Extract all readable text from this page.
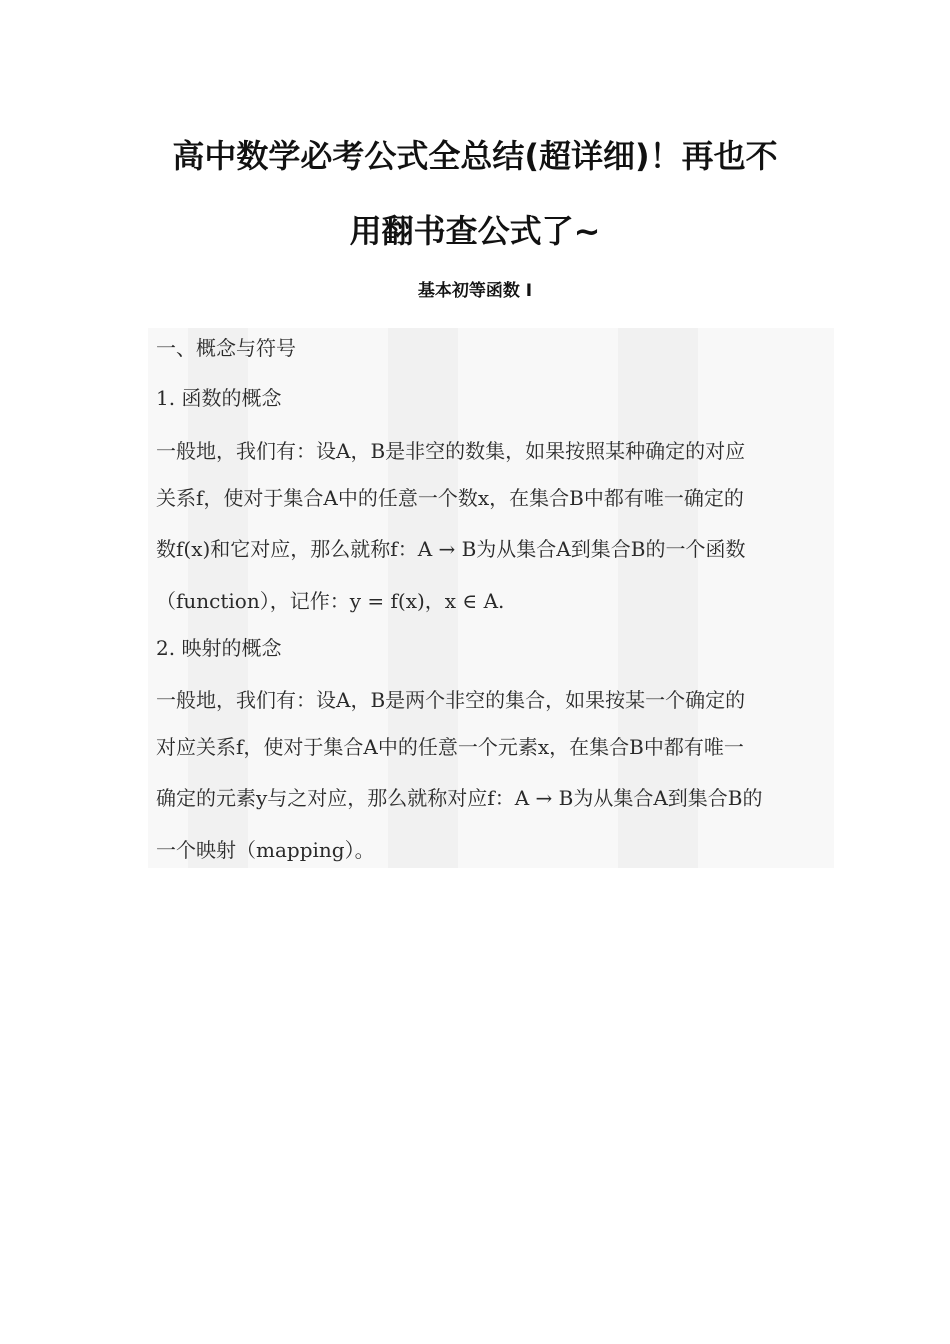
高中数学必考公式全总结(超详细)！再也不
用翻书查公式了~
基本初等函数 I
一、概念与符号
1. 函数的概念
一般地，我们有：设A，B是非空的数集，如果按照某种确定的对应
关系f，使对于集合A中的任意一个数x，在集合B中都有唯一确定的
数f(x)和它对应，那么就称f：A → B为从集合A到集合B的一个函数
（function），记作：y = f(x)，x ∈ A.
2. 映射的概念
一般地，我们有：设A，B是两个非空的集合，如果按某一个确定的
对应关系f，使对于集合A中的任意一个元素x，在集合B中都有唯一
确定的元素y与之对应，那么就称对应f：A → B为从集合A到集合B的
一个映射（mapping）。
